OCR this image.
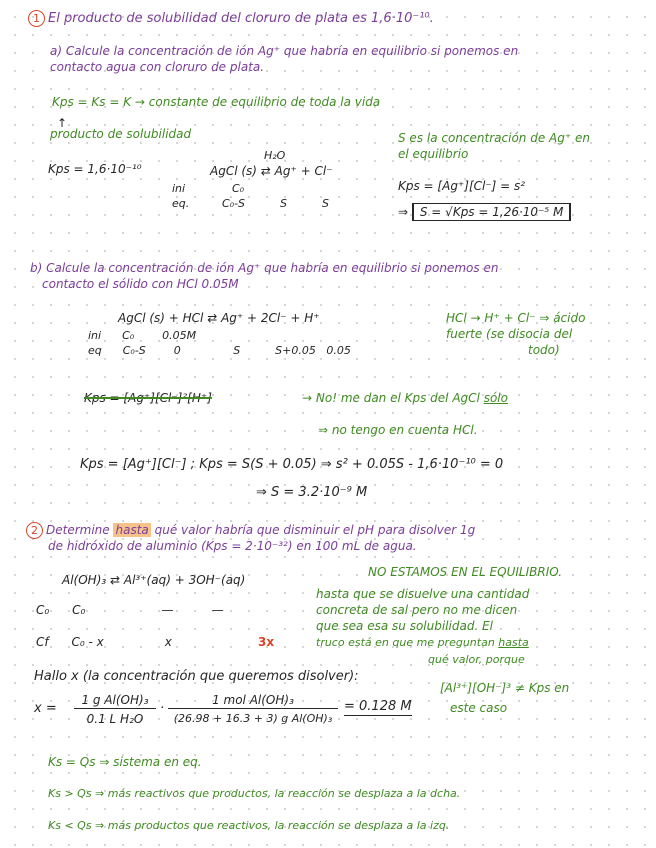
1 El producto de solubilidad del cloruro de plata es 1,6·10⁻¹⁰.
a) Calcule la concentración de ión Ag⁺ que habría en equilibrio si ponemos en
contacto agua con cloruro de plata.
Kps = Ks = K → constante de equilibrio de toda la vida
↑
producto de solubilidad	S es la concentración de Ag⁺ en
el equilibrio
Kps = 1,6·10⁻¹⁰
H₂O
AgCl (s) ⇄ Ag⁺ + Cl⁻
ini	C₀
eq.	C₀-S          S          S
Kps = [Ag⁺][Cl⁻] = s²
⇒ S = √Kps = 1,26·10⁻⁵ M
b) Calcule la concentración de ión Ag⁺ que habría en equilibrio si ponemos en
contacto el sólido con HCl 0.05M
AgCl (s) + HCl ⇄ Ag⁺ + 2Cl⁻ + H⁺
ini      C₀        0.05M
eq      C₀-S        0               S          S+0.05   0.05
HCl → H⁺ + Cl⁻ ⇒ ácido
fuerte (se disocia del
todo)
Kps = [Ag⁺][Cl⁻]²[H⁺]	→ No! me dan el Kps del AgCl sólo
⇒ no tengo en cuenta HCl.
Kps = [Ag⁺][Cl⁻] ; Kps = S(S + 0.05) ⇒ s² + 0.05S - 1,6·10⁻¹⁰ = 0
⇒ S = 3.2·10⁻⁹ M
2 Determine hasta qué valor habría que disminuir el pH para disolver 1g
de hidróxido de aluminio (Kps = 2·10⁻³²) en 100 mL de agua.
Al(OH)₃ ⇄ Al³⁺(aq) + 3OH⁻(aq)
NO ESTAMOS EN EL EQUILIBRIO.
hasta que se disuelve una cantidad
concreta de sal pero no me dicen
que sea esa su solubilidad. El
truco está en que me preguntan hasta
qué valor, porque
C₀      C₀                    —          —
Cf      C₀ - x                x	3x
Hallo x (la concentración que queremos disolver):
x =
1 g Al(OH)₃
0.1 L H₂O
·
1 mol Al(OH)₃
(26.98 + 16.3 + 3) g Al(OH)₃
= 0.128 M
[Al³⁺][OH⁻]³ ≠ Kps en
este caso
Ks = Qs ⇒ sistema en eq.
Ks > Qs ⇒ más reactivos que productos, la reacción se desplaza a la dcha.
Ks < Qs ⇒ más productos que reactivos, la reacción se desplaza a la izq.
